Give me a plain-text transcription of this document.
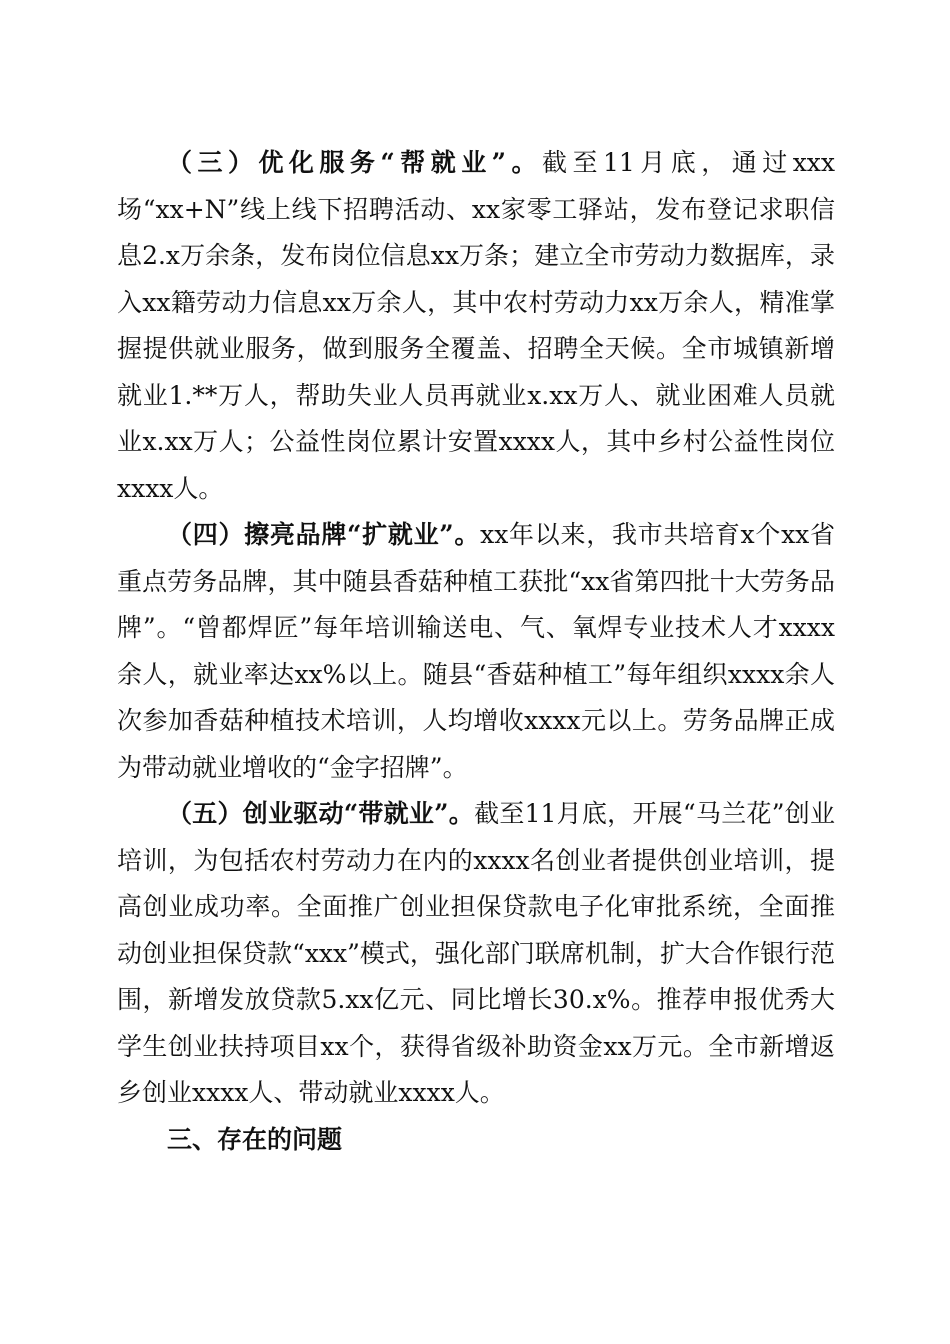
（三）优化服务“帮就业”。截至11月底，通过xxx场“xx+N”线上线下招聘活动、xx家零工驿站，发布登记求职信息2.x万余条，发布岗位信息xx万条；建立全市劳动力数据库，录入xx籍劳动力信息xx万余人，其中农村劳动力xx万余人，精准掌握提供就业服务，做到服务全覆盖、招聘全天候。全市城镇新增就业1.**万人，帮助失业人员再就业x.xx万人、就业困难人员就业x.xx万人；公益性岗位累计安置xxxx人，其中乡村公益性岗位xxxx人。

（四）擦亮品牌“扩就业”。xx年以来，我市共培育x个xx省重点劳务品牌，其中随县香菇种植工获批“xx省第四批十大劳务品牌”。“曾都焊匠”每年培训输送电、气、氧焊专业技术人才xxxx余人，就业率达xx%以上。随县“香菇种植工”每年组织xxxx余人次参加香菇种植技术培训，人均增收xxxx元以上。劳务品牌正成为带动就业增收的“金字招牌”。

（五）创业驱动“带就业”。截至11月底，开展“马兰花”创业培训，为包括农村劳动力在内的xxxx名创业者提供创业培训，提高创业成功率。全面推广创业担保贷款电子化审批系统，全面推动创业担保贷款“xxx”模式，强化部门联席机制，扩大合作银行范围，新增发放贷款5.xx亿元、同比增长30.x%。推荐申报优秀大学生创业扶持项目xx个，获得省级补助资金xx万元。全市新增返乡创业xxxx人、带动就业xxxx人。

三、存在的问题
